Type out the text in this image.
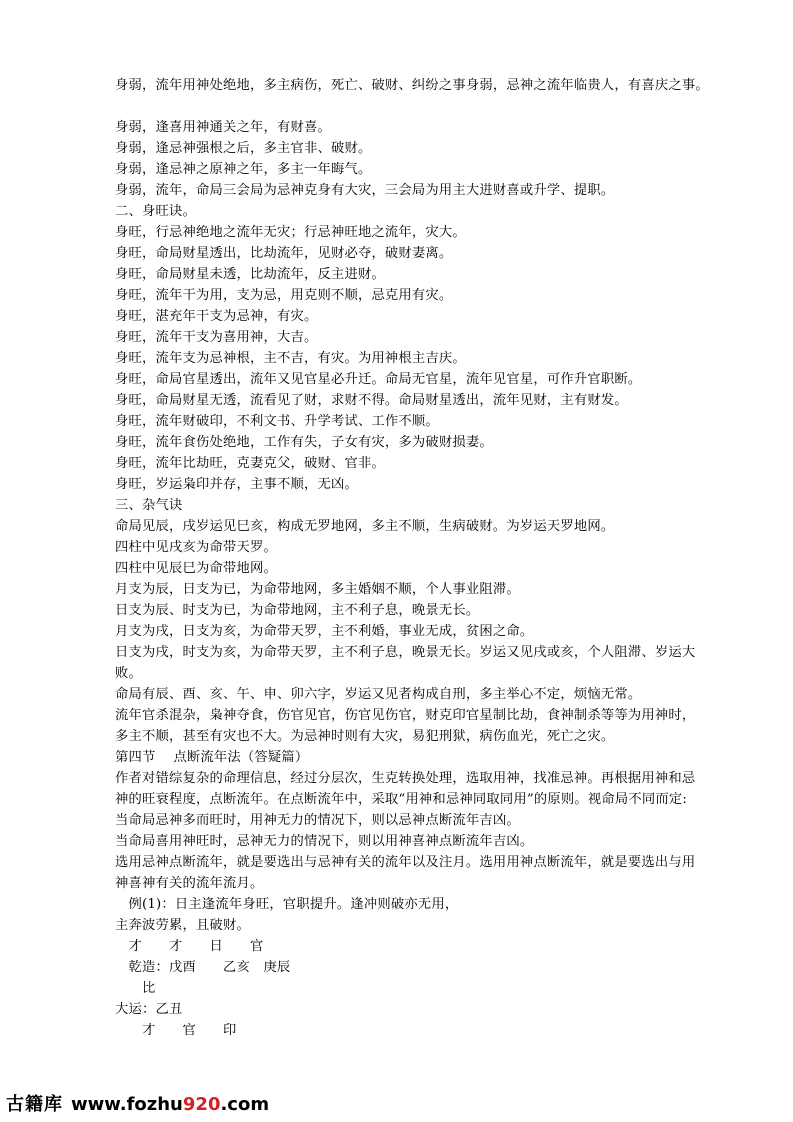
身弱，流年用神处绝地，多主病伤，死亡、破财、纠纷之事身弱，忌神之流年临贵人，有喜庆之事。
身弱，逢喜用神通关之年，有财喜。
身弱，逢忌神强根之后，多主官非、破财。
身弱，逢忌神之原神之年，多主一年晦气。
身弱，流年，命局三会局为忌神克身有大灾，三会局为用主大进财喜或升学、提职。
二、身旺诀。
身旺，行忌神绝地之流年无灾；行忌神旺地之流年，灾大。
身旺，命局财星透出，比劫流年，见财必夺，破财妻离。
身旺，命局财星未透，比劫流年，反主进财。
身旺，流年干为用，支为忌，用克则不顺，忌克用有灾。
身旺，湛充年干支为忌神，有灾。
身旺，流年干支为喜用神，大吉。
身旺，流年支为忌神根，主不吉，有灾。为用神根主吉庆。
身旺，命局官星透出，流年又见官星必升迁。命局无官星，流年见官星，可作升官职断。
身旺，命局财星无透，流看见了财，求财不得。命局财星透出，流年见财，主有财发。
身旺，流年财破印，不利文书、升学考试、工作不顺。
身旺，流年食伤处绝地，工作有失，子女有灾，多为破财损妻。
身旺，流年比劫旺，克妻克父，破财、官非。
身旺，岁运枭印并存，主事不顺，无凶。
三、杂气诀
命局见辰，戌岁运见巳亥，构成无罗地网，多主不顺，生病破财。为岁运天罗地网。
四柱中见戌亥为命带天罗。
四柱中见辰巳为命带地网。
月支为辰，日支为已，为命带地网，多主婚姻不顺，个人事业阻滞。
日支为辰、时支为已，为命带地网，主不利子息，晚景无长。
月支为戌，日支为亥，为命带天罗，主不利婚，事业无成，贫困之命。
日支为戌，时支为亥，为命带天罗，主不利子息，晚景无长。岁运又见戌或亥，个人阻滞、岁运大
败。
命局有辰、酉、亥、午、申、卯六字，岁运又见者构成自刑，多主举心不定，烦恼无常。
流年官杀混杂，枭神夺食，伤官见官，伤官见伤官，财克印官星制比劫，食神制杀等等为用神时，
多主不顺，甚至有灾也不大。为忌神时则有大灾，易犯刑狱，病伤血光，死亡之灾。
第四节　 点断流年法（答疑篇）
作者对错综复杂的命理信息，经过分层次，生克转换处理，选取用神，找准忌神。再根据用神和忌
神的旺衰程度，点断流年。在点断流年中，采取“用神和忌神同取同用”的原则。视命局不同而定:
当命局忌神多而旺时，用神无力的情况下，则以忌神点断流年吉凶。
当命局喜用神旺时，忌神无力的情况下，则以用神喜神点断流年吉凶。
选用忌神点断流年，就是要选出与忌神有关的流年以及注月。选用用神点断流年，就是要选出与用
神喜神有关的流年流月。
　例(1)：日主逢流年身旺，官职提升。逢冲则破亦无用，
主奔波劳累，且破财。
　才　　才　　日　　官
　乾造：戊酉　　乙亥　庚辰
　　比
大运：乙丑
　　才　　官　　印
古籍库 www.fozhu920.com
